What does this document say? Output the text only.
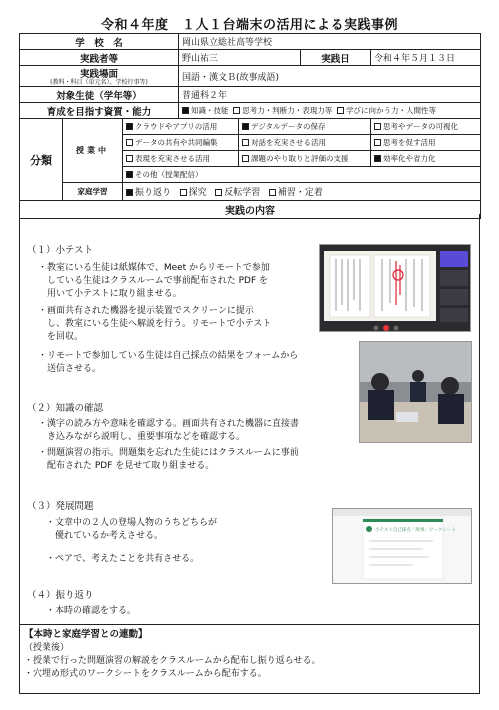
令和４年度　１人１台端末の活用による実践事例
学　校　名			岡山県立総社高等学校			
実践者等			野山祐三		実践日	令和４年５月１３日
実践場面
(教科・科目（単元名）、学校行事等)			国語・漢文Ｂ(故事成語)			
対象生徒（学年等）			普通科２年			
育成を目指す資質・能力			知識・技能 思考力・判断力・表現力等 学びに向かう力・人間性等			
分類	授業中	クラウドやアプリの活用		デジタルデータの保存		思考やデータの可視化
		データの共有や共同編集		対話を充実させる活用		思考を促す活用
		表現を充実させる活用		課題のやり取りと評価の支援		効率化や省力化
		その他（授業配信）				
	家庭学習	振り返り 探究 反転学習 補習・定着				
実践の内容						
（１）小テスト
・教室にいる生徒は紙媒体で、Meet からリモートで参加
　している生徒はクラスルームで事前配布された PDF を
　用いて小テストに取り組ませる。
・画面共有された機器を提示装置でスクリーンに提示
　し、教室にいる生徒へ解説を行う。リモートで小テスト
　を回収。
・リモートで参加している生徒は自己採点の結果をフォームから
　送信させる。
（２）知識の確認
・漢字の読み方や意味を確認する。画面共有された機器に直接書
　き込みながら説明し、重要事項などを確認する。
・問題演習の指示。問題集を忘れた生徒にはクラスルームに事前
　配布された PDF を見せて取り組ませる。
（３）発展問題
・文章中の２人の登場人物のうちどちらが
　優れているか考えさせる。
・ペアで、考えたことを共有させる。
小テスト自己採点「故事」ワークシート
（４）振り返り
・本時の確認をする。
【本時と家庭学習との連動】
（授業後）
・授業で行った問題演習の解説をクラスルームから配布し振り返らせる。
・穴埋め形式のワークシートをクラスルームから配布する。
